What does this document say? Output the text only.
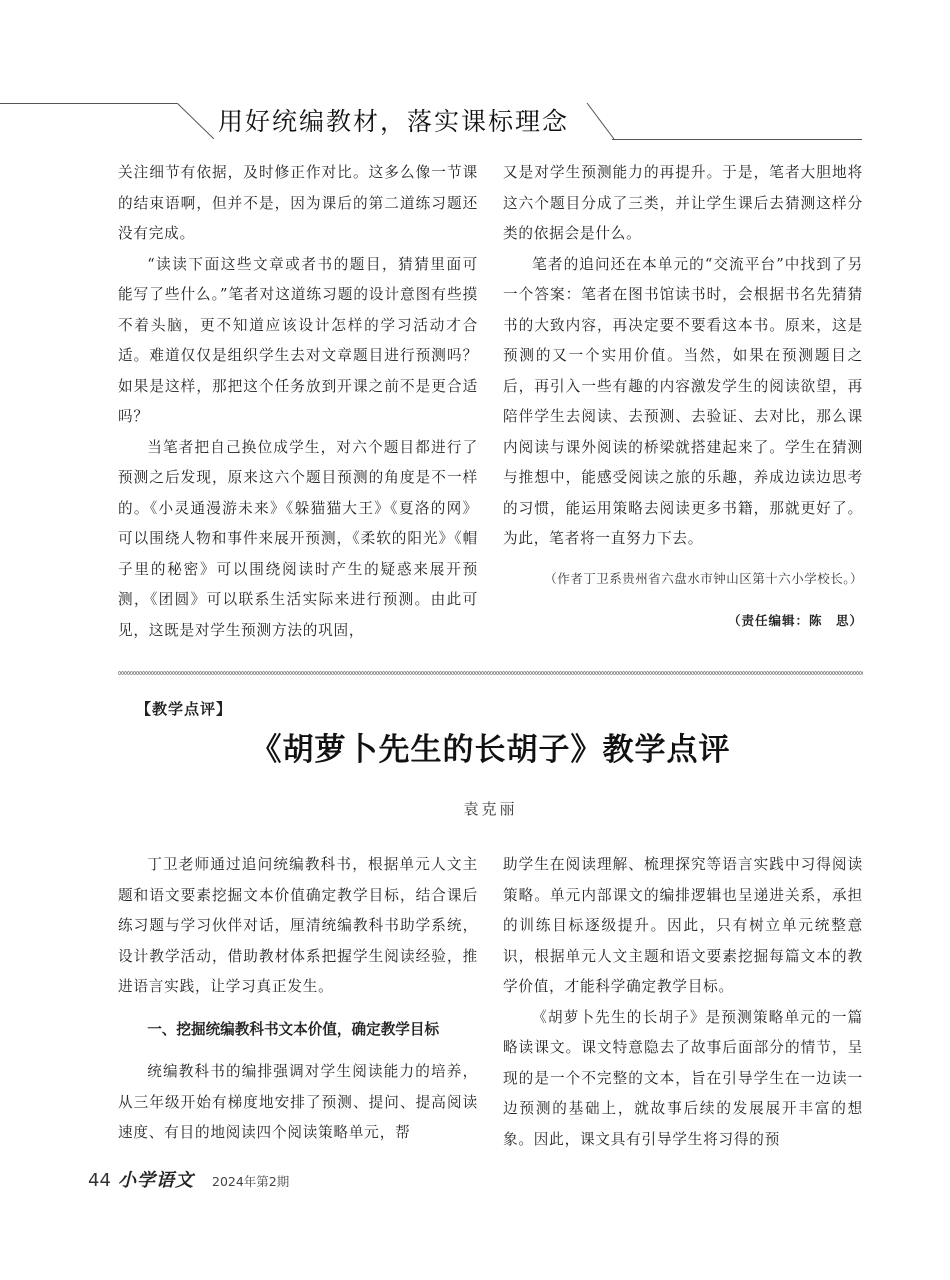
用好统编教材，落实课标理念

关注细节有依据，及时修正作对比。这多么像一节课的结束语啊，但并不是，因为课后的第二道练习题还没有完成。

“读读下面这些文章或者书的题目，猜猜里面可能写了些什么。”笔者对这道练习题的设计意图有些摸不着头脑，更不知道应该设计怎样的学习活动才合适。难道仅仅是组织学生去对文章题目进行预测吗？如果是这样，那把这个任务放到开课之前不是更合适吗？

当笔者把自己换位成学生，对六个题目都进行了预测之后发现，原来这六个题目预测的角度是不一样的。《小灵通漫游未来》《躲猫猫大王》《夏洛的网》可以围绕人物和事件来展开预测，《柔软的阳光》《帽子里的秘密》可以围绕阅读时产生的疑惑来展开预测，《团圆》可以联系生活实际来进行预测。由此可见，这既是对学生预测方法的巩固，

又是对学生预测能力的再提升。于是，笔者大胆地将这六个题目分成了三类，并让学生课后去猜测这样分类的依据会是什么。

笔者的追问还在本单元的“交流平台”中找到了另一个答案：笔者在图书馆读书时，会根据书名先猜猜书的大致内容，再决定要不要看这本书。原来，这是预测的又一个实用价值。当然，如果在预测题目之后，再引入一些有趣的内容激发学生的阅读欲望，再陪伴学生去阅读、去预测、去验证、去对比，那么课内阅读与课外阅读的桥梁就搭建起来了。学生在猜测与推想中，能感受阅读之旅的乐趣，养成边读边思考的习惯，能运用策略去阅读更多书籍，那就更好了。为此，笔者将一直努力下去。

（作者丁卫系贵州省六盘水市钟山区第十六小学校长。）
（责任编辑：陈　思）
【教学点评】
《胡萝卜先生的长胡子》教学点评
袁克丽

丁卫老师通过追问统编教科书，根据单元人文主题和语文要素挖掘文本价值确定教学目标，结合课后练习题与学习伙伴对话，厘清统编教科书助学系统，设计教学活动，借助教材体系把握学生阅读经验，推进语言实践，让学习真正发生。

一、挖掘统编教科书文本价值，确定教学目标

统编教科书的编排强调对学生阅读能力的培养，从三年级开始有梯度地安排了预测、提问、提高阅读速度、有目的地阅读四个阅读策略单元，帮

助学生在阅读理解、梳理探究等语言实践中习得阅读策略。单元内部课文的编排逻辑也呈递进关系，承担的训练目标逐级提升。因此，只有树立单元统整意识，根据单元人文主题和语文要素挖掘每篇文本的教学价值，才能科学确定教学目标。

《胡萝卜先生的长胡子》是预测策略单元的一篇略读课文。课文特意隐去了故事后面部分的情节，呈现的是一个不完整的文本，旨在引导学生在一边读一边预测的基础上，就故事后续的发展展开丰富的想象。因此，课文具有引导学生将习得的预

44 小学语文 2024年第2期
